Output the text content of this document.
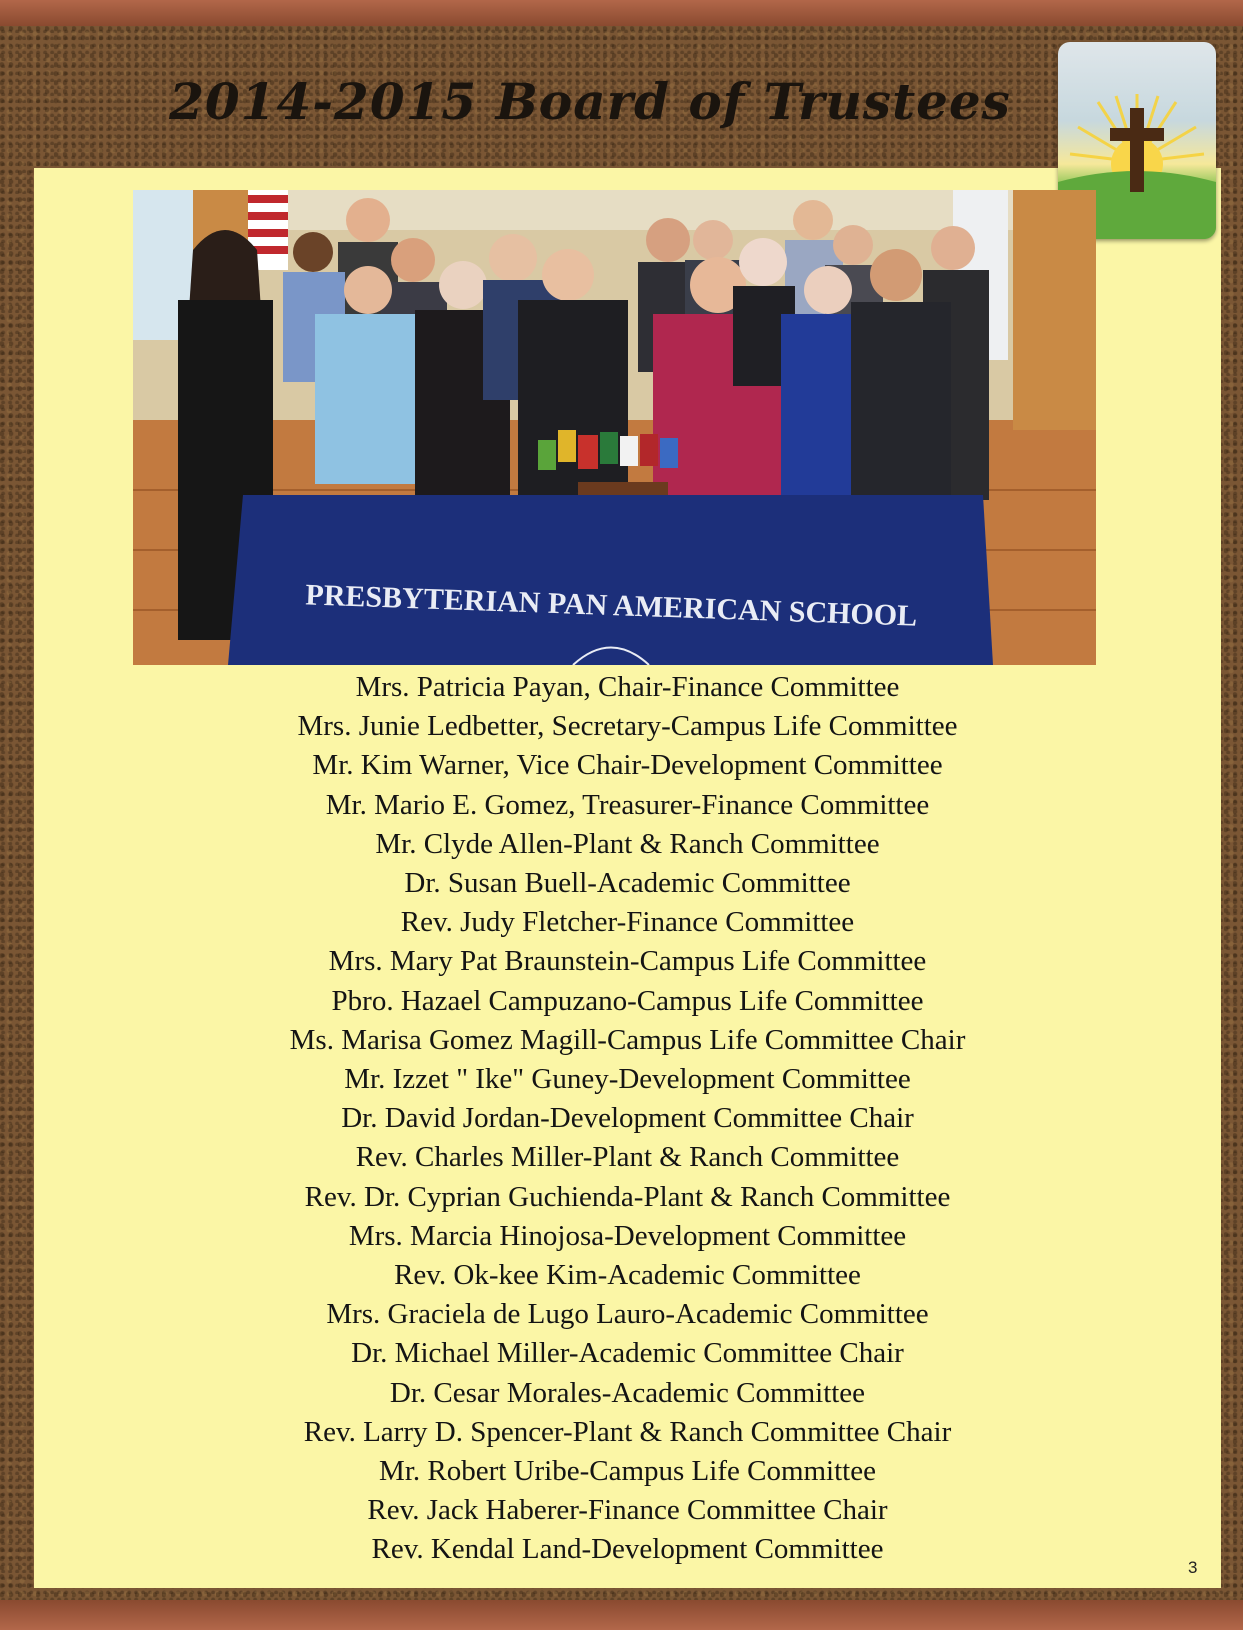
2014-2015 Board of Trustees
PRESBYTERIAN PAN AMERICAN SCHOOL
Mrs. Patricia Payan, Chair-Finance Committee
Mrs. Junie Ledbetter, Secretary-Campus Life Committee
Mr. Kim Warner, Vice Chair-Development Committee
Mr. Mario E. Gomez, Treasurer-Finance Committee
Mr. Clyde Allen-Plant & Ranch Committee
Dr. Susan Buell-Academic Committee
Rev. Judy Fletcher-Finance Committee
Mrs. Mary Pat Braunstein-Campus Life Committee
Pbro. Hazael Campuzano-Campus Life Committee
Ms. Marisa Gomez Magill-Campus Life Committee Chair
Mr. Izzet " Ike" Guney-Development Committee
Dr. David Jordan-Development Committee Chair
Rev. Charles Miller-Plant & Ranch Committee
Rev. Dr. Cyprian Guchienda-Plant & Ranch Committee
Mrs. Marcia Hinojosa-Development Committee
Rev. Ok-kee Kim-Academic Committee
Mrs. Graciela de Lugo Lauro-Academic Committee
Dr. Michael Miller-Academic Committee Chair
Dr. Cesar Morales-Academic Committee
Rev. Larry D. Spencer-Plant & Ranch Committee Chair
Mr. Robert Uribe-Campus Life Committee
Rev. Jack Haberer-Finance Committee Chair
Rev. Kendal Land-Development Committee
3
